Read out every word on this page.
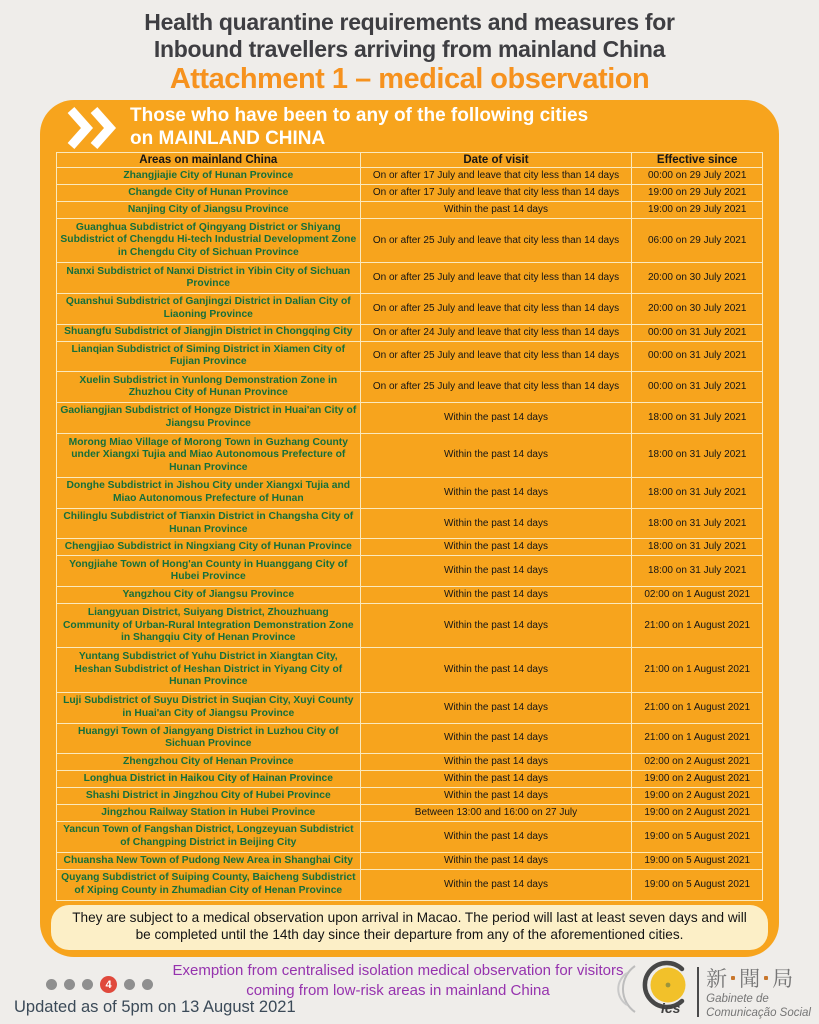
Health quarantine requirements and measures for
Inbound travellers arriving from mainland China
Attachment 1 – medical observation
Those who have been to any of the following cities
on MAINLAND CHINA
Areas on mainland China	Date of visit	Effective since
Zhangjiajie City of Hunan Province	On or after 17 July and leave that city less than 14 days	00:00 on 29 July 2021
Changde City of Hunan Province	On or after 17 July and leave that city less than 14 days	19:00 on 29 July 2021
Nanjing City of Jiangsu Province	Within the past 14 days	19:00 on 29 July 2021
Guanghua Subdistrict of Qingyang District or Shiyang Subdistrict of Chengdu Hi-tech Industrial Development Zone in Chengdu City of Sichuan Province	On or after 25 July and leave that city less than 14 days	06:00 on 29 July 2021
Nanxi Subdistrict of Nanxi District in Yibin City of Sichuan Province	On or after 25 July and leave that city less than 14 days	20:00 on 30 July 2021
Quanshui Subdistrict of Ganjingzi District in Dalian City of Liaoning Province	On or after 25 July and leave that city less than 14 days	20:00 on 30 July 2021
Shuangfu Subdistrict of Jiangjin District in Chongqing City	On or after 24 July and leave that city less than 14 days	00:00 on 31 July 2021
Lianqian Subdistrict of Siming District in Xiamen City of Fujian Province	On or after 25 July and leave that city less than 14 days	00:00 on 31 July 2021
Xuelin Subdistrict in Yunlong Demonstration Zone in Zhuzhou City of Hunan Province	On or after 25 July and leave that city less than 14 days	00:00 on 31 July 2021
Gaoliangjian Subdistrict of Hongze District in Huai'an City of Jiangsu Province	Within the past 14 days	18:00 on 31 July 2021
Morong Miao Village of Morong Town in Guzhang County under Xiangxi Tujia and Miao Autonomous Prefecture of Hunan Province	Within the past 14 days	18:00 on 31 July 2021
Donghe Subdistrict in Jishou City under Xiangxi Tujia and Miao Autonomous Prefecture of Hunan	Within the past 14 days	18:00 on 31 July 2021
Chilinglu Subdistrict of Tianxin District in Changsha City of Hunan Province	Within the past 14 days	18:00 on 31 July 2021
Chengjiao Subdistrict in Ningxiang City of Hunan Province	Within the past 14 days	18:00 on 31 July 2021
Yongjiahe Town of Hong'an County in Huanggang City of Hubei Province	Within the past 14 days	18:00 on 31 July 2021
Yangzhou City of Jiangsu Province	Within the past 14 days	02:00 on 1 August 2021
Liangyuan District, Suiyang District, Zhouzhuang Community of Urban-Rural Integration Demonstration Zone in Shangqiu City of Henan Province	Within the past 14 days	21:00 on 1 August 2021
Yuntang Subdistrict of Yuhu District in Xiangtan City, Heshan Subdistrict of Heshan District in Yiyang City of Hunan Province	Within the past 14 days	21:00 on 1 August 2021
Luji Subdistrict of Suyu District in Suqian City, Xuyi County in Huai'an City of Jiangsu Province	Within the past 14 days	21:00 on 1 August 2021
Huangyi Town of Jiangyang District in Luzhou City of Sichuan Province	Within the past 14 days	21:00 on 1 August 2021
Zhengzhou City of Henan Province	Within the past 14 days	02:00 on 2 August 2021
Longhua District in Haikou City of Hainan Province	Within the past 14 days	19:00 on 2 August 2021
Shashi District in Jingzhou City of Hubei Province	Within the past 14 days	19:00 on 2 August 2021
Jingzhou Railway Station in Hubei Province	Between 13:00 and 16:00 on 27 July	19:00 on 2 August 2021
Yancun Town of Fangshan District, Longzeyuan Subdistrict of Changping District in Beijing City	Within the past 14 days	19:00 on 5 August 2021
Chuansha New Town of Pudong New Area in Shanghai City	Within the past 14 days	19:00 on 5 August 2021
Quyang Subdistrict of Suiping County, Baicheng Subdistrict of Xiping County in Zhumadian City of Henan Province	Within the past 14 days	19:00 on 5 August 2021
They are subject to a medical observation upon arrival in Macao. The period will last at least seven days and will be completed until the 14th day since their departure from any of the aforementioned cities.
Exemption from centralised isolation medical observation for visitors
coming from low-risk areas in mainland China
4
Updated as of 5pm on 13 August 2021	ics
新 聞 局
Gabinete de
Comunicação Social
